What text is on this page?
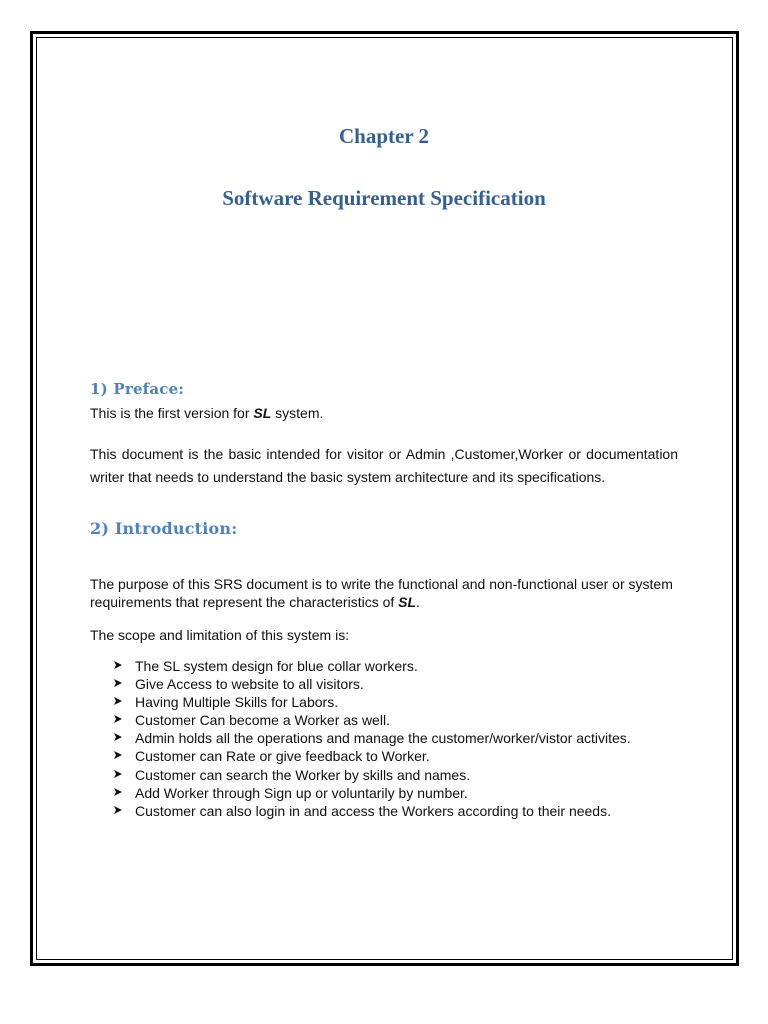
Chapter 2
Software Requirement Specification
1) Preface:

This is the first version for SL system.

This document is the basic intended for visitor or Admin ,Customer,Worker or documentation writer that needs to understand the basic system architecture and its specifications.

2) Introduction:

The purpose of this SRS document is to write the functional and non-functional user or system requirements that represent the characteristics of SL.

The scope and limitation of this system is:

The SL system design for blue collar workers.
Give Access to website to all visitors.
Having Multiple Skills for Labors.
Customer Can become a Worker as well.
Admin holds all the operations and manage the customer/worker/vistor activites.
Customer can Rate or give feedback to Worker.
Customer can search the Worker by skills and names.
Add Worker through Sign up or voluntarily by number.
Customer can also login in and access the Workers according to their needs.
